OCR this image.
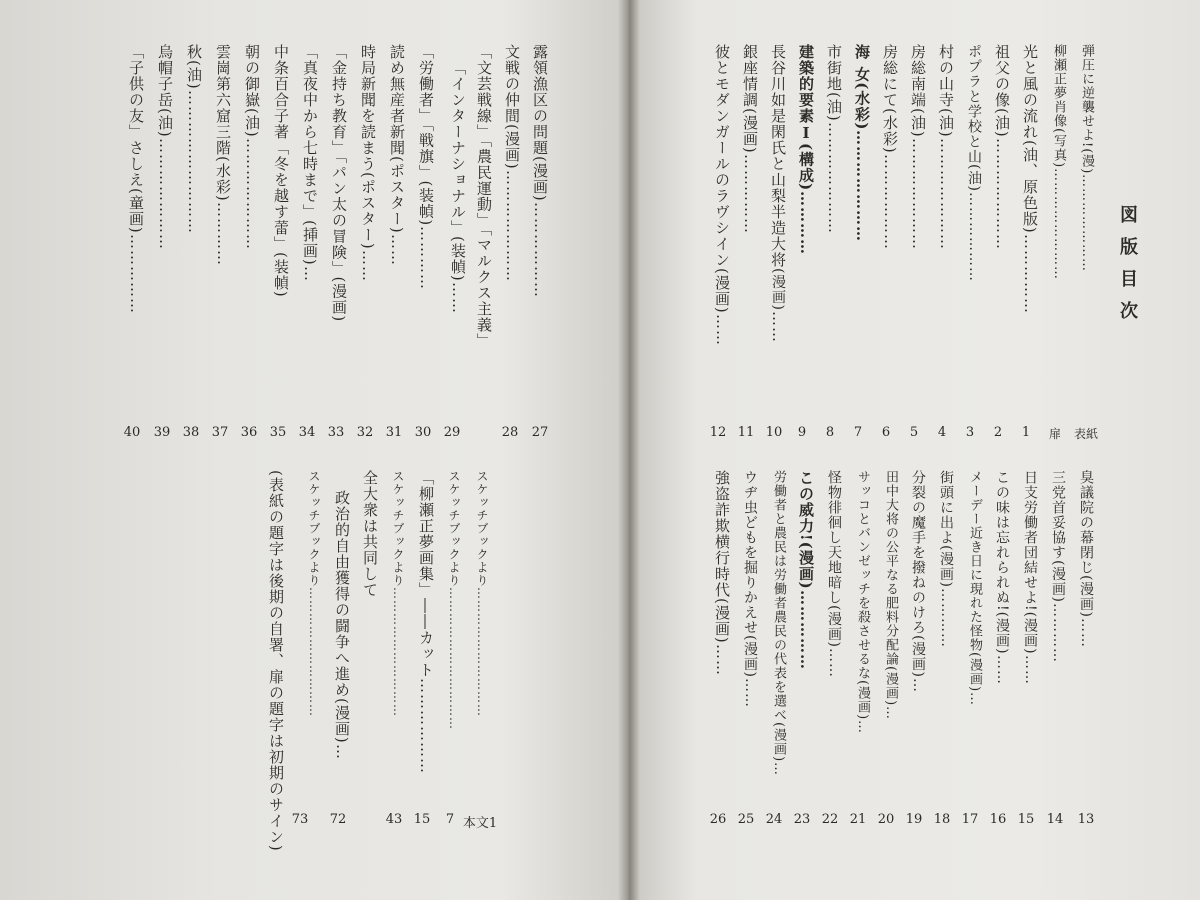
露領漁区の問題(漫画)………………
27
文戦の仲間(漫画)…………………
28
「文芸戦線」「農民運動」「マルクス主義」
「インターナショナル」(装幀)……
29
「労働者」「戦旗」(装幀)…………
30
読め無産者新聞(ポスター)……
31
時局新聞を読まう(ポスター)……
32
「金持ち教育」「パン太の冒険」(漫画)
33
「真夜中から七時まで」(挿画)…
34
中条百合子著「冬を越す蕾」(装幀)
35
朝の御嶽(油)…………………
36
雲崗第六窟三階(水彩)…………
37
秋(油)………………………
38
烏帽子岳(油)…………………
39
「子供の友」さしえ(童画)……………
40
スケッチブックより…………………………
本文1
スケッチブックより……………………………
7
「柳瀬正夢画集」――カット………………
15
スケッチブックより…………………………
43
全大衆は共同して
政治的自由獲得の闘争へ進め(漫画)…
72
スケッチブックより…………………………
73
(表紙の題字は後期の自署、扉の題字は初期のサイン)
弾圧に逆襲せよ!(漫)…………………
表紙
柳瀬正夢肖像(写真)……………………
扉
光と風の流れ(油、原色版)……………
1
祖父の像(油)…………………
2
ポプラと学校と山(油)………………
3
村の山寺(油)…………………
4
房総南端(油)…………………
5
房総にて(水彩)………………
6
海 女(水彩)…………………
7
市街地(油)…………………
8
建築的要素Ⅰ(構成)…………
9
長谷川如是閑氏と山梨半造大将(漫画)……
10
銀座情調(漫画)……………
11
彼とモダンガールのラヴシイン(漫画)……
12
臭議院の幕閉じ(漫画)……
13
三党首妥協す(漫画)…………
14
日支労働者団結せよ!(漫画)……
15
この味は忘れられぬ!(漫画)……
16
メーデー近き日に現れた怪物(漫画)…
17
街頭に出よ(漫画)…………
18
分裂の魔手を撥ねのけろ(漫画)…
19
田中大将の公平なる肥料分配論(漫画)…
20
サッコとバンゼッチを殺させるな(漫画)…
21
怪物徘徊し天地暗し(漫画)……
22
この威力!(漫画)……………
23
労働者と農民は労働者農民の代表を選べ(漫画)…
24
ウヂ虫どもを掘りかえせ(漫画)……
25
強盗詐欺横行時代(漫画)……
26
図版目次
